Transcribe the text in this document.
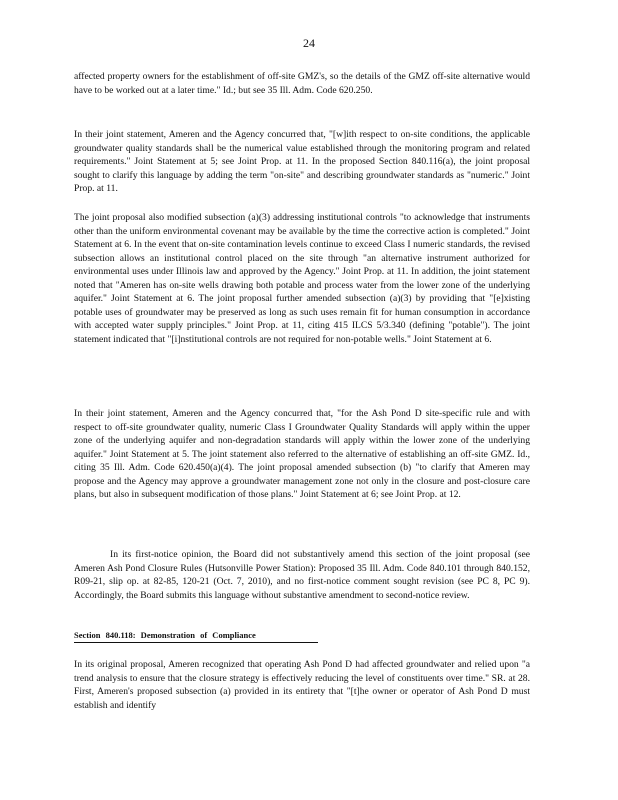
24
affected property owners for the establishment of off-site GMZ's, so the details of the GMZ off-site alternative would have to be worked out at a later time." Id.; but see 35 Ill. Adm. Code 620.250.
In their joint statement, Ameren and the Agency concurred that, "[w]ith respect to on-site conditions, the applicable groundwater quality standards shall be the numerical value established through the monitoring program and related requirements." Joint Statement at 5; see Joint Prop. at 11. In the proposed Section 840.116(a), the joint proposal sought to clarify this language by adding the term "on-site" and describing groundwater standards as "numeric." Joint Prop. at 11.
The joint proposal also modified subsection (a)(3) addressing institutional controls "to acknowledge that instruments other than the uniform environmental covenant may be available by the time the corrective action is completed." Joint Statement at 6. In the event that on-site contamination levels continue to exceed Class I numeric standards, the revised subsection allows an institutional control placed on the site through "an alternative instrument authorized for environmental uses under Illinois law and approved by the Agency." Joint Prop. at 11. In addition, the joint statement noted that "Ameren has on-site wells drawing both potable and process water from the lower zone of the underlying aquifer." Joint Statement at 6. The joint proposal further amended subsection (a)(3) by providing that "[e]xisting potable uses of groundwater may be preserved as long as such uses remain fit for human consumption in accordance with accepted water supply principles." Joint Prop. at 11, citing 415 ILCS 5/3.340 (defining "potable"). The joint statement indicated that "[i]nstitutional controls are not required for non-potable wells." Joint Statement at 6.
In their joint statement, Ameren and the Agency concurred that, "for the Ash Pond D site-specific rule and with respect to off-site groundwater quality, numeric Class I Groundwater Quality Standards will apply within the upper zone of the underlying aquifer and non-degradation standards will apply within the lower zone of the underlying aquifer." Joint Statement at 5. The joint statement also referred to the alternative of establishing an off-site GMZ. Id., citing 35 Ill. Adm. Code 620.450(a)(4). The joint proposal amended subsection (b) "to clarify that Ameren may propose and the Agency may approve a groundwater management zone not only in the closure and post-closure care plans, but also in subsequent modification of those plans." Joint Statement at 6; see Joint Prop. at 12.
In its first-notice opinion, the Board did not substantively amend this section of the joint proposal (see Ameren Ash Pond Closure Rules (Hutsonville Power Station): Proposed 35 Ill. Adm. Code 840.101 through 840.152, R09-21, slip op. at 82-85, 120-21 (Oct. 7, 2010), and no first-notice comment sought revision (see PC 8, PC 9). Accordingly, the Board submits this language without substantive amendment to second-notice review.
Section 840.118: Demonstration of Compliance
In its original proposal, Ameren recognized that operating Ash Pond D had affected groundwater and relied upon "a trend analysis to ensure that the closure strategy is effectively reducing the level of constituents over time." SR. at 28. First, Ameren's proposed subsection (a) provided in its entirety that "[t]he owner or operator of Ash Pond D must establish and identify
